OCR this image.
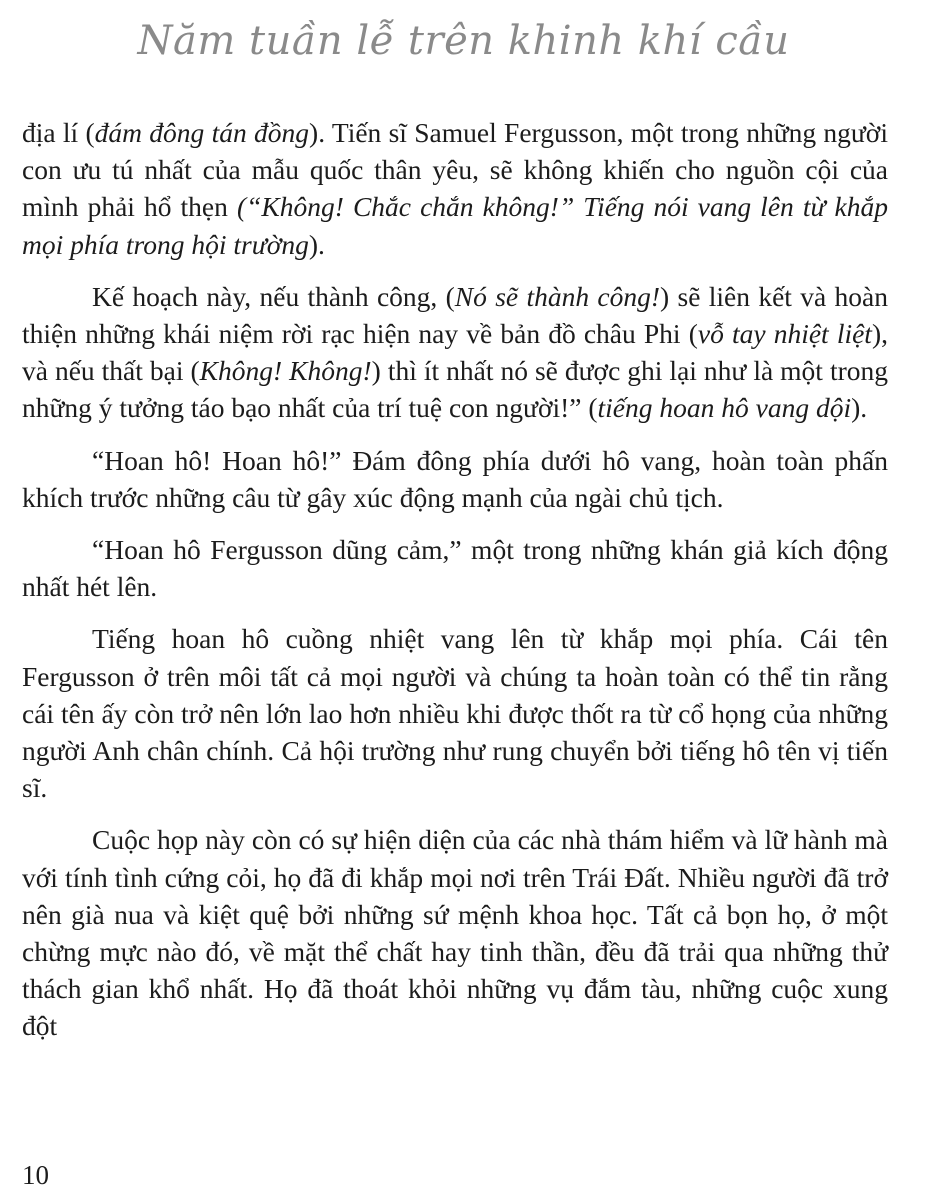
Năm tuần lễ trên khinh khí cầu

địa lí (đám đông tán đồng). Tiến sĩ Samuel Fergusson, một trong những người con ưu tú nhất của mẫu quốc thân yêu, sẽ không khiến cho nguồn cội của mình phải hổ thẹn (“Không! Chắc chắn không!” Tiếng nói vang lên từ khắp mọi phía trong hội trường).

Kế hoạch này, nếu thành công, (Nó sẽ thành công!) sẽ liên kết và hoàn thiện những khái niệm rời rạc hiện nay về bản đồ châu Phi (vỗ tay nhiệt liệt), và nếu thất bại (Không! Không!) thì ít nhất nó sẽ được ghi lại như là một trong những ý tưởng táo bạo nhất của trí tuệ con người!” (tiếng hoan hô vang dội).

“Hoan hô! Hoan hô!” Đám đông phía dưới hô vang, hoàn toàn phấn khích trước những câu từ gây xúc động mạnh của ngài chủ tịch.

“Hoan hô Fergusson dũng cảm,” một trong những khán giả kích động nhất hét lên.

Tiếng hoan hô cuồng nhiệt vang lên từ khắp mọi phía. Cái tên Fergusson ở trên môi tất cả mọi người và chúng ta hoàn toàn có thể tin rằng cái tên ấy còn trở nên lớn lao hơn nhiều khi được thốt ra từ cổ họng của những người Anh chân chính. Cả hội trường như rung chuyển bởi tiếng hô tên vị tiến sĩ.

Cuộc họp này còn có sự hiện diện của các nhà thám hiểm và lữ hành mà với tính tình cứng cỏi, họ đã đi khắp mọi nơi trên Trái Đất. Nhiều người đã trở nên già nua và kiệt quệ bởi những sứ mệnh khoa học. Tất cả bọn họ, ở một chừng mực nào đó, về mặt thể chất hay tinh thần, đều đã trải qua những thử thách gian khổ nhất. Họ đã thoát khỏi những vụ đắm tàu, những cuộc xung đột

10
